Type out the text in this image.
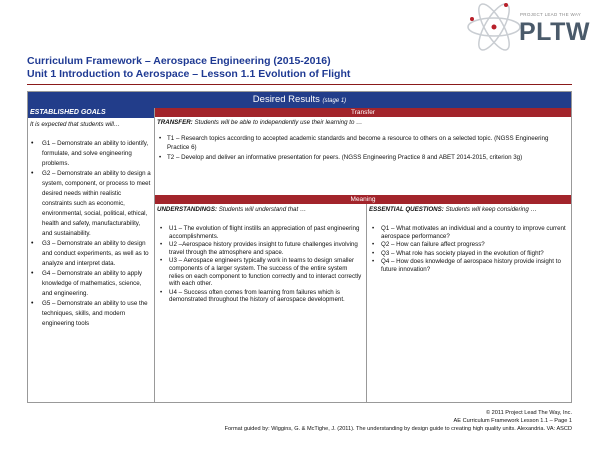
PROJECT LEAD THE WAY
PLTW
Curriculum Framework – Aerospace Engineering (2015-2016)
Unit 1 Introduction to Aerospace – Lesson 1.1 Evolution of Flight
Desired Results (stage 1)
ESTABLISHED GOALS
It is expected that students will…
• G1 – Demonstrate an ability to identify, formulate, and solve engineering problems.
• G2 – Demonstrate an ability to design a system, component, or process to meet desired needs within realistic constraints such as economic, environmental, social, political, ethical, health and safety, manufacturability, and sustainability.
• G3 – Demonstrate an ability to design and conduct experiments, as well as to analyze and interpret data.
• G4 – Demonstrate an ability to apply knowledge of mathematics, science, and engineering.
• G5 – Demonstrate an ability to use the techniques, skills, and modern engineering tools
Transfer
TRANSFER: Students will be able to independently use their learning to …
• T1 – Research topics according to accepted academic standards and become a resource to others on a selected topic. (NGSS Engineering Practice 6)
• T2 – Develop and deliver an informative presentation for peers. (NGSS Engineering Practice 8 and ABET 2014-2015, criterion 3g)
Meaning
UNDERSTANDINGS: Students will understand that …
• U1 – The evolution of flight instills an appreciation of past engineering accomplishments.
• U2 –Aerospace history provides insight to future challenges involving travel through the atmosphere and space.
• U3 – Aerospace engineers typically work in teams to design smaller components of a larger system. The success of the entire system relies on each component to function correctly and to interact correctly with each other.
• U4 – Success often comes from learning from failures which is demonstrated throughout the history of aerospace development.
ESSENTIAL QUESTIONS: Students will keep considering …
• Q1 – What motivates an individual and a country to improve current aerospace performance?
• Q2 – How can failure affect progress?
• Q3 – What role has society played in the evolution of flight?
• Q4 – How does knowledge of aerospace history provide insight to future innovation?
© 2011 Project Lead The Way, Inc.
AE Curriculum Framework Lesson 1.1 – Page 1
Format guided by: Wiggins, G. & McTighe, J. (2011). The understanding by design guide to creating high quality units. Alexandria. VA: ASCD
